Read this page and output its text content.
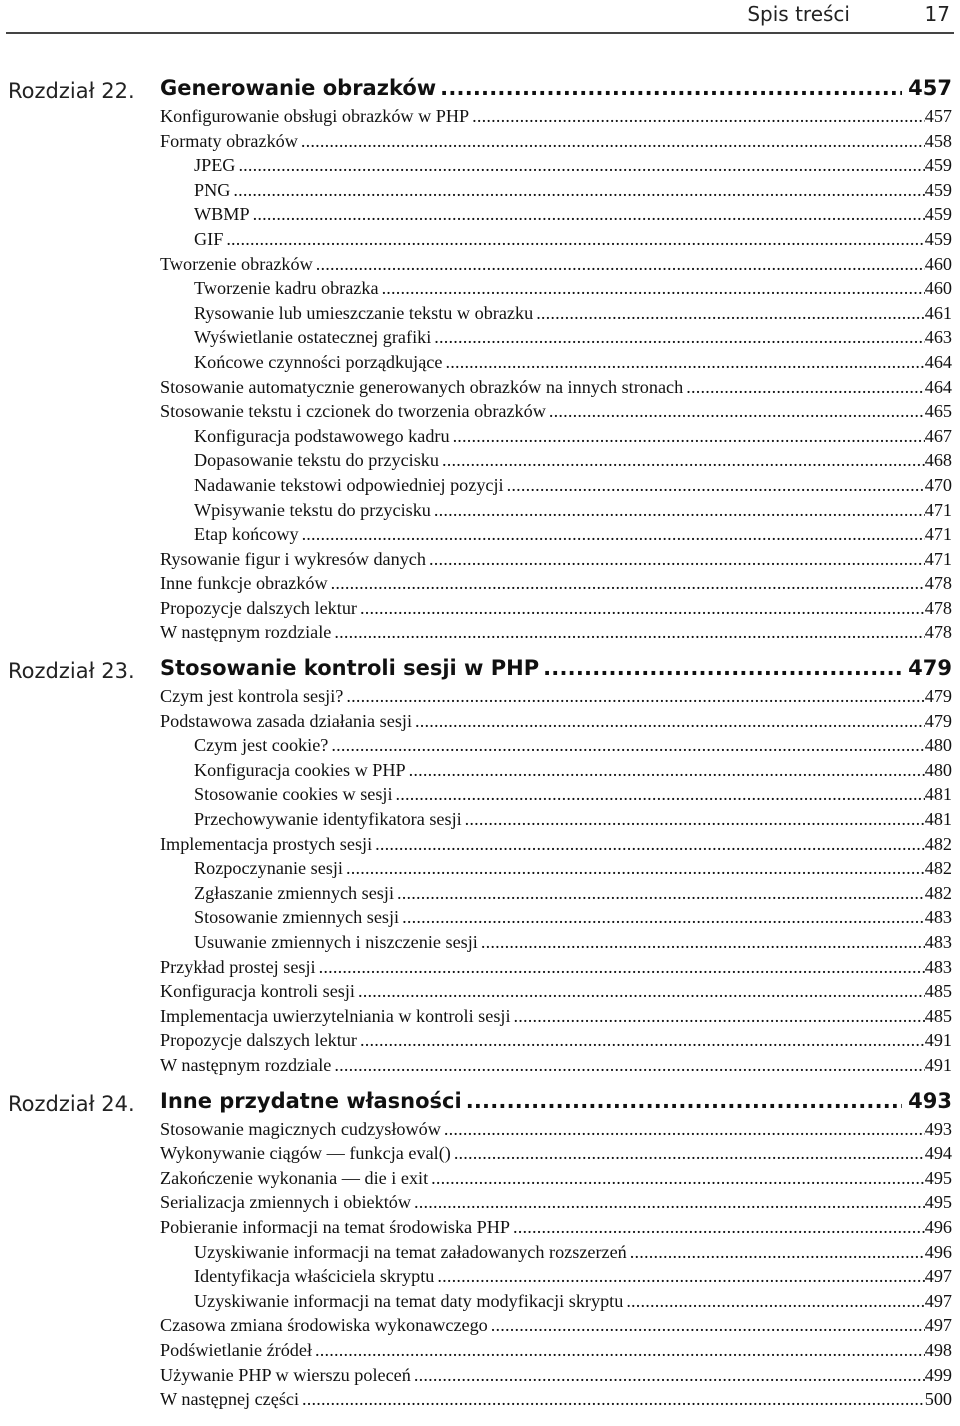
Spis treści	17
Rozdział 22. Generowanie obrazków .....	457
Konfigurowanie obsługi obrazków w PHP .....	457
Formaty obrazków .....	458
JPEG .....	459
PNG .....	459
WBMP .....	459
GIF .....	459
Tworzenie obrazków .....	460
Tworzenie kadru obrazka .....	460
Rysowanie lub umieszczanie tekstu w obrazku .....	461
Wyświetlanie ostatecznej grafiki .....	463
Końcowe czynności porządkujące .....	464
Stosowanie automatycznie generowanych obrazków na innych stronach .....	464
Stosowanie tekstu i czcionek do tworzenia obrazków .....	465
Konfiguracja podstawowego kadru .....	467
Dopasowanie tekstu do przycisku .....	468
Nadawanie tekstowi odpowiedniej pozycji .....	470
Wpisywanie tekstu do przycisku .....	471
Etap końcowy .....	471
Rysowanie figur i wykresów danych .....	471
Inne funkcje obrazków .....	478
Propozycje dalszych lektur .....	478
W następnym rozdziale .....	478
Rozdział 23. Stosowanie kontroli sesji w PHP .....	479
Czym jest kontrola sesji? .....	479
Podstawowa zasada działania sesji .....	479
Czym jest cookie? .....	480
Konfiguracja cookies w PHP .....	480
Stosowanie cookies w sesji .....	481
Przechowywanie identyfikatora sesji .....	481
Implementacja prostych sesji .....	482
Rozpoczynanie sesji .....	482
Zgłaszanie zmiennych sesji .....	482
Stosowanie zmiennych sesji .....	483
Usuwanie zmiennych i niszczenie sesji .....	483
Przykład prostej sesji .....	483
Konfiguracja kontroli sesji .....	485
Implementacja uwierzytelniania w kontroli sesji .....	485
Propozycje dalszych lektur .....	491
W następnym rozdziale .....	491
Rozdział 24. Inne przydatne własności .....	493
Stosowanie magicznych cudzysłowów .....	493
Wykonywanie ciągów — funkcja eval() .....	494
Zakończenie wykonania — die i exit .....	495
Serializacja zmiennych i obiektów .....	495
Pobieranie informacji na temat środowiska PHP .....	496
Uzyskiwanie informacji na temat załadowanych rozszerzeń .....	496
Identyfikacja właściciela skryptu .....	497
Uzyskiwanie informacji na temat daty modyfikacji skryptu .....	497
Czasowa zmiana środowiska wykonawczego .....	497
Podświetlanie źródeł .....	498
Używanie PHP w wierszu poleceń .....	499
W następnej części .....	500
